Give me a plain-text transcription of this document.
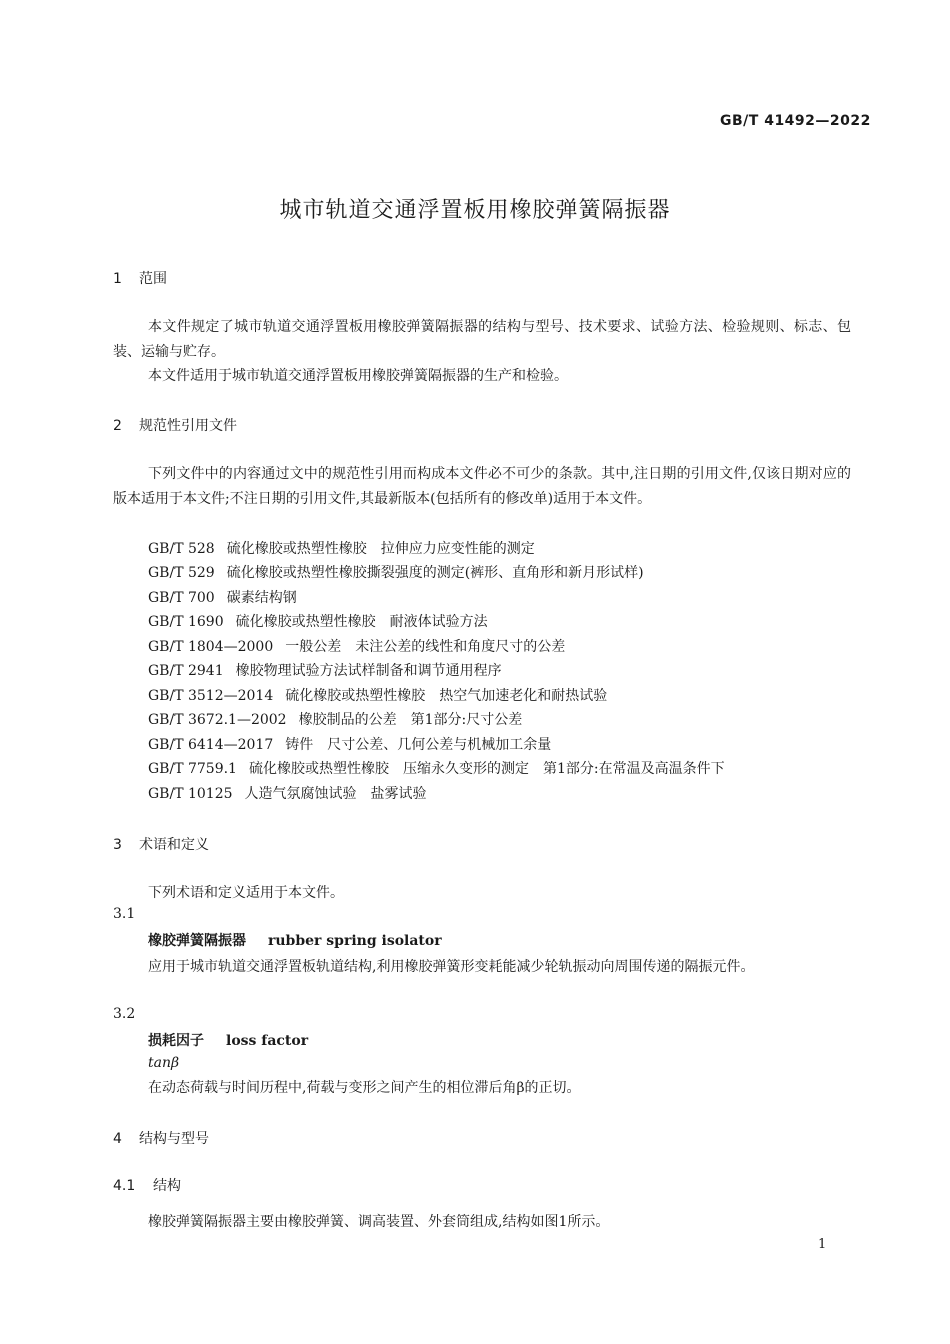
GB/T 41492—2022
城市轨道交通浮置板用橡胶弹簧隔振器
1 范围
本文件规定了城市轨道交通浮置板用橡胶弹簧隔振器的结构与型号、技术要求、试验方法、检验规则、标志、包装、运输与贮存。
本文件适用于城市轨道交通浮置板用橡胶弹簧隔振器的生产和检验。
2 规范性引用文件
下列文件中的内容通过文中的规范性引用而构成本文件必不可少的条款。其中,注日期的引用文件,仅该日期对应的版本适用于本文件;不注日期的引用文件,其最新版本(包括所有的修改单)适用于本文件。
GB/T 528 硫化橡胶或热塑性橡胶　拉伸应力应变性能的测定
GB/T 529 硫化橡胶或热塑性橡胶撕裂强度的测定(裤形、直角形和新月形试样)
GB/T 700 碳素结构钢
GB/T 1690 硫化橡胶或热塑性橡胶　耐液体试验方法
GB/T 1804—2000 一般公差　未注公差的线性和角度尺寸的公差
GB/T 2941 橡胶物理试验方法试样制备和调节通用程序
GB/T 3512—2014 硫化橡胶或热塑性橡胶　热空气加速老化和耐热试验
GB/T 3672.1—2002 橡胶制品的公差　第1部分:尺寸公差
GB/T 6414—2017 铸件　尺寸公差、几何公差与机械加工余量
GB/T 7759.1 硫化橡胶或热塑性橡胶　压缩永久变形的测定　第1部分:在常温及高温条件下
GB/T 10125 人造气氛腐蚀试验　盐雾试验
3 术语和定义
下列术语和定义适用于本文件。
3.1
橡胶弹簧隔振器 rubber spring isolator
应用于城市轨道交通浮置板轨道结构,利用橡胶弹簧形变耗能减少轮轨振动向周围传递的隔振元件。
3.2
损耗因子 loss factor
tanβ
在动态荷载与时间历程中,荷载与变形之间产生的相位滞后角β的正切。
4 结构与型号
4.1 结构
橡胶弹簧隔振器主要由橡胶弹簧、调高装置、外套筒组成,结构如图1所示。
1
